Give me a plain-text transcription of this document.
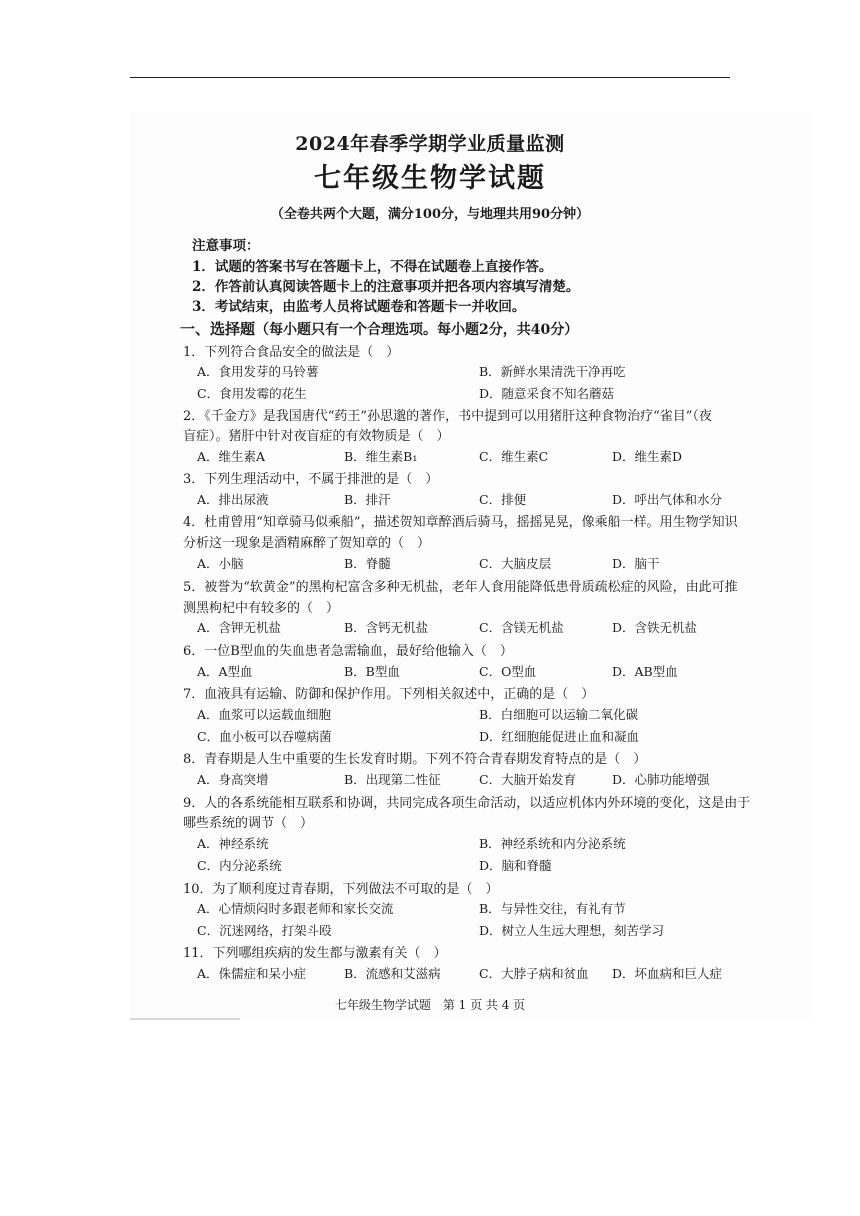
2024年春季学期学业质量监测
七年级生物学试题
（全卷共两个大题，满分100分，与地理共用90分钟）
注意事项：
1．试题的答案书写在答题卡上，不得在试题卷上直接作答。
2．作答前认真阅读答题卡上的注意事项并把各项内容填写清楚。
3．考试结束，由监考人员将试题卷和答题卡一并收回。
一、选择题（每小题只有一个合理选项。每小题2分，共40分）
1．下列符合食品安全的做法是（　）
A．食用发芽的马铃薯	B．新鲜水果清洗干净再吃
C．食用发霉的花生	D．随意采食不知名蘑菇
2．《千金方》是我国唐代“药王”孙思邈的著作，书中提到可以用猪肝这种食物治疗“雀目”（夜
盲症）。猪肝中针对夜盲症的有效物质是（　）
A．维生素A	B．维生素B₁	C．维生素C	D．维生素D
3．下列生理活动中，不属于排泄的是（　）
A．排出尿液	B．排汗	C．排便	D．呼出气体和水分
4．杜甫曾用“知章骑马似乘船”，描述贺知章醉酒后骑马，摇摇晃晃，像乘船一样。用生物学知识
分析这一现象是酒精麻醉了贺知章的（　）
A．小脑	B．脊髓	C．大脑皮层	D．脑干
5．被誉为“软黄金”的黑枸杞富含多种无机盐，老年人食用能降低患骨质疏松症的风险，由此可推
测黑枸杞中有较多的（　）
A．含钾无机盐	B．含钙无机盐	C．含镁无机盐	D．含铁无机盐
6．一位B型血的失血患者急需输血，最好给他输入（　）
A．A型血	B．B型血	C．O型血	D．AB型血
7．血液具有运输、防御和保护作用。下列相关叙述中，正确的是（　）
A．血浆可以运载血细胞	B．白细胞可以运输二氧化碳
C．血小板可以吞噬病菌	D．红细胞能促进止血和凝血
8．青春期是人生中重要的生长发育时期。下列不符合青春期发育特点的是（　）
A．身高突增	B．出现第二性征	C．大脑开始发育	D．心肺功能增强
9．人的各系统能相互联系和协调，共同完成各项生命活动，以适应机体内外环境的变化，这是由于
哪些系统的调节（　）
A．神经系统	B．神经系统和内分泌系统
C．内分泌系统	D．脑和脊髓
10．为了顺利度过青春期，下列做法不可取的是（　）
A．心情烦闷时多跟老师和家长交流	B．与异性交往，有礼有节
C．沉迷网络，打架斗殴	D．树立人生远大理想，刻苦学习
11．下列哪组疾病的发生都与激素有关（　）
A．侏儒症和呆小症	B．流感和艾滋病	C．大脖子病和贫血 D．坏血病和巨人症
七年级生物学试题　第 1 页 共 4 页
